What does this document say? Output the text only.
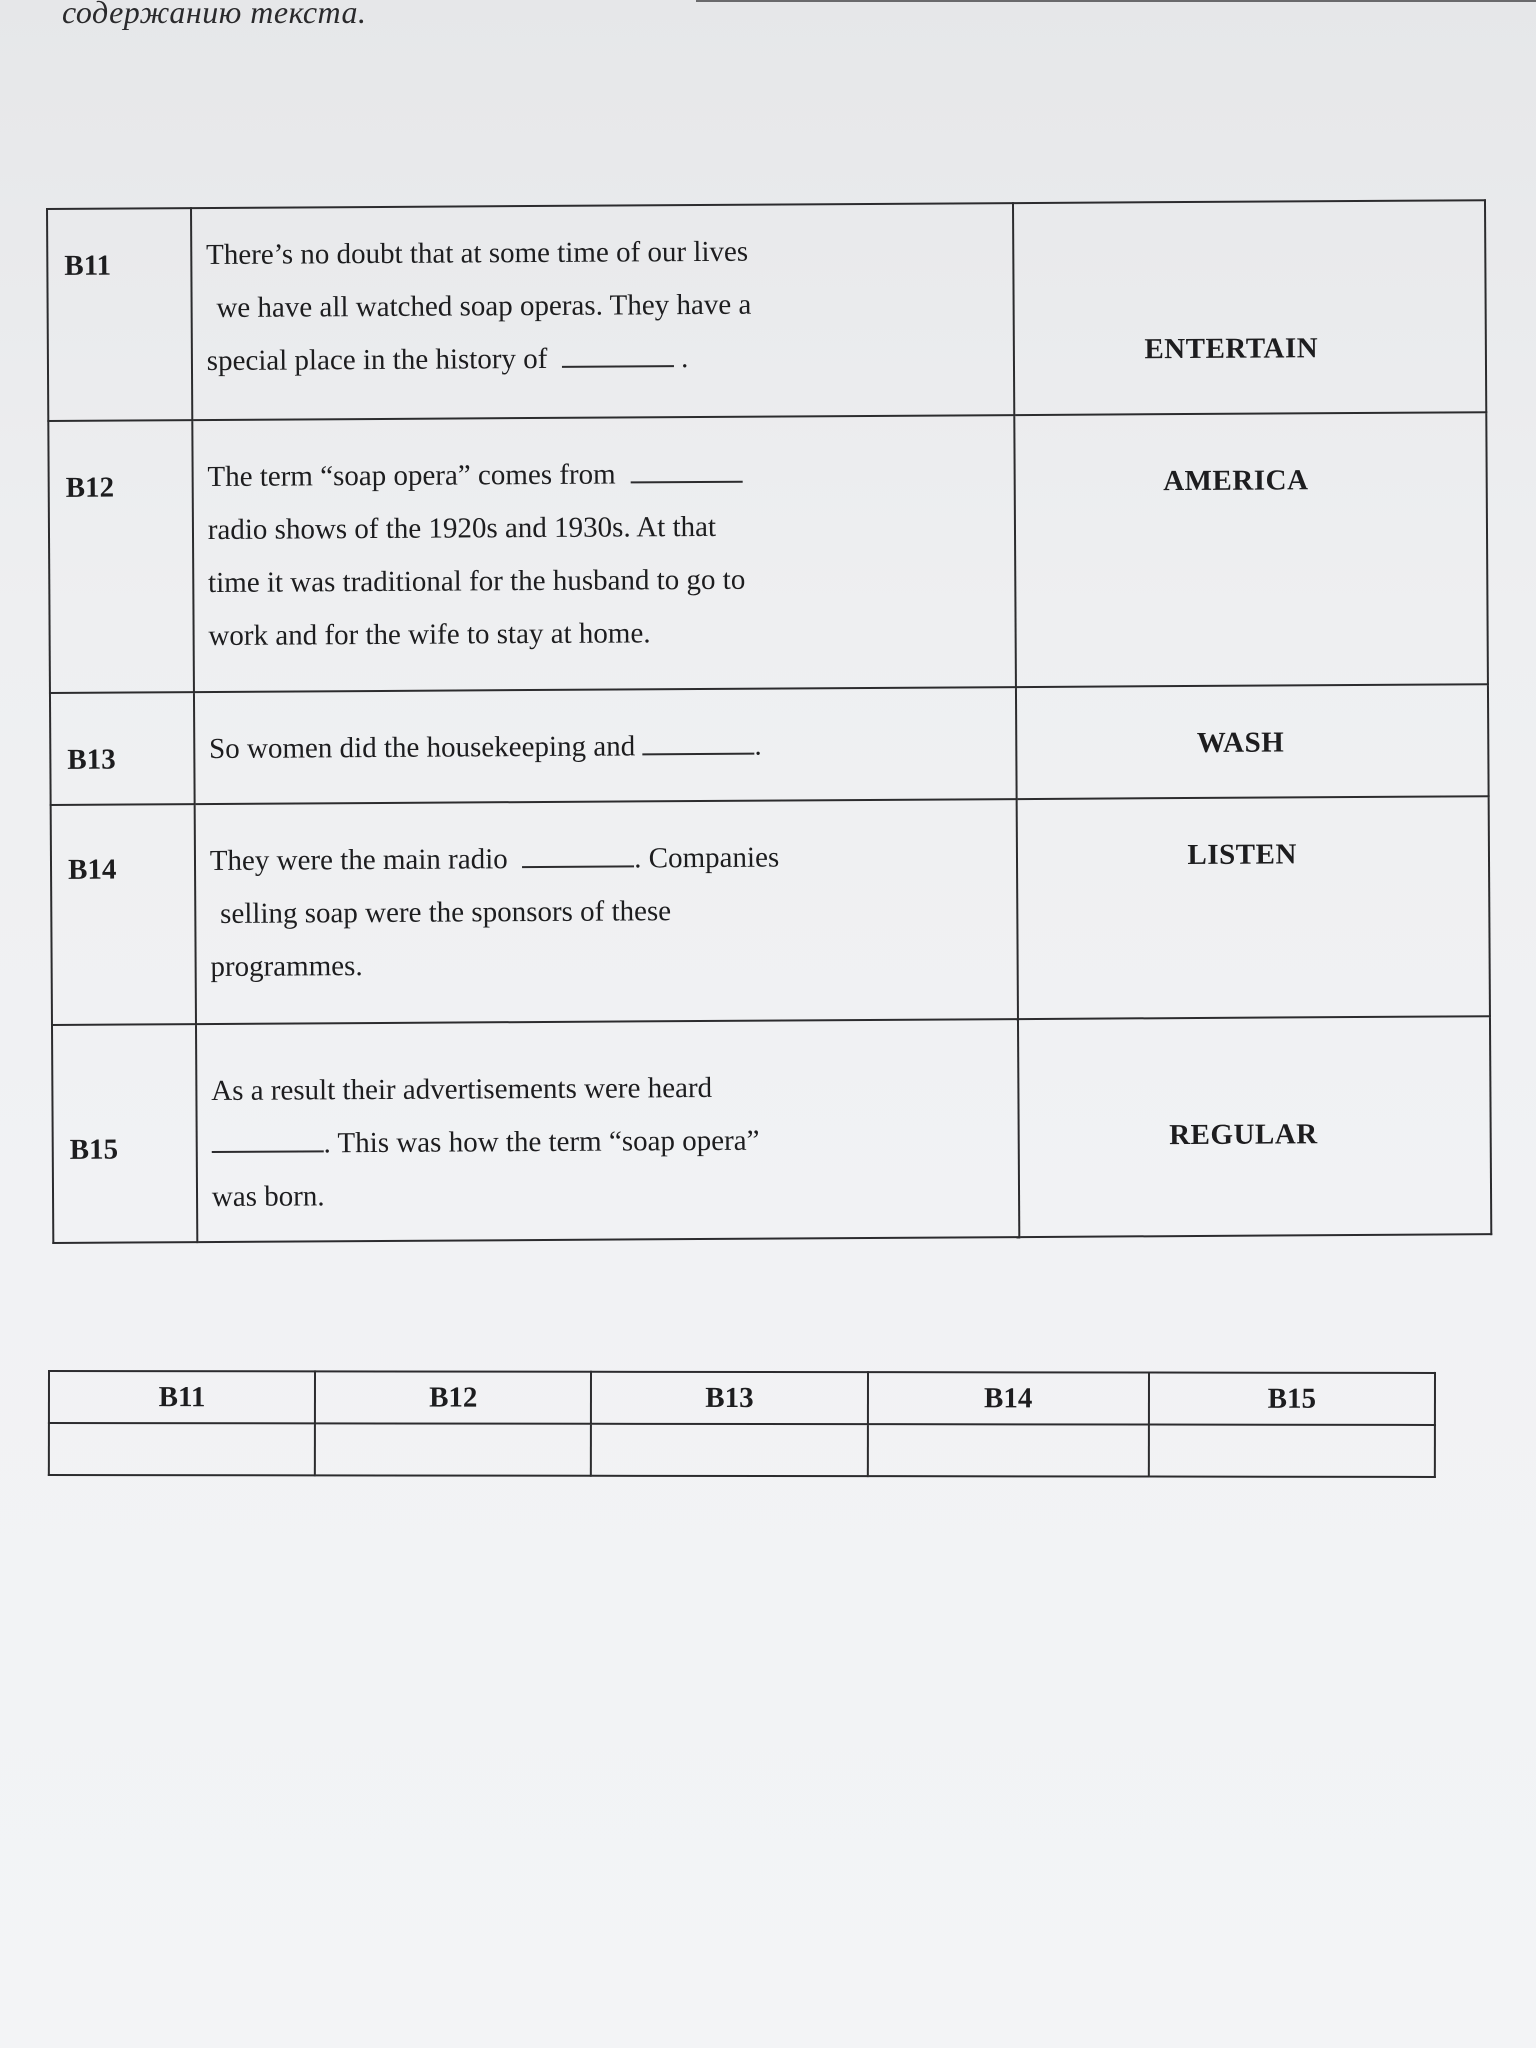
содержанию текста.
B11	There’s no doubt that at some time of our lives
we have all watched soap operas. They have a
special place in the history of .	ENTERTAIN

B12	The term “soap opera” comes from
radio shows of the 1920s and 1930s. At that
time it was traditional for the husband to go to
work and for the wife to stay at home.	AMERICA

B13	So women did the housekeeping and .	WASH

B14	They were the main radio . Companies
selling soap were the sponsors of these
programmes.	LISTEN

B15	As a result their advertisements were heard
. This was how the term “soap opera”
was born.	REGULAR
B11	B12	B13	B14	B15
